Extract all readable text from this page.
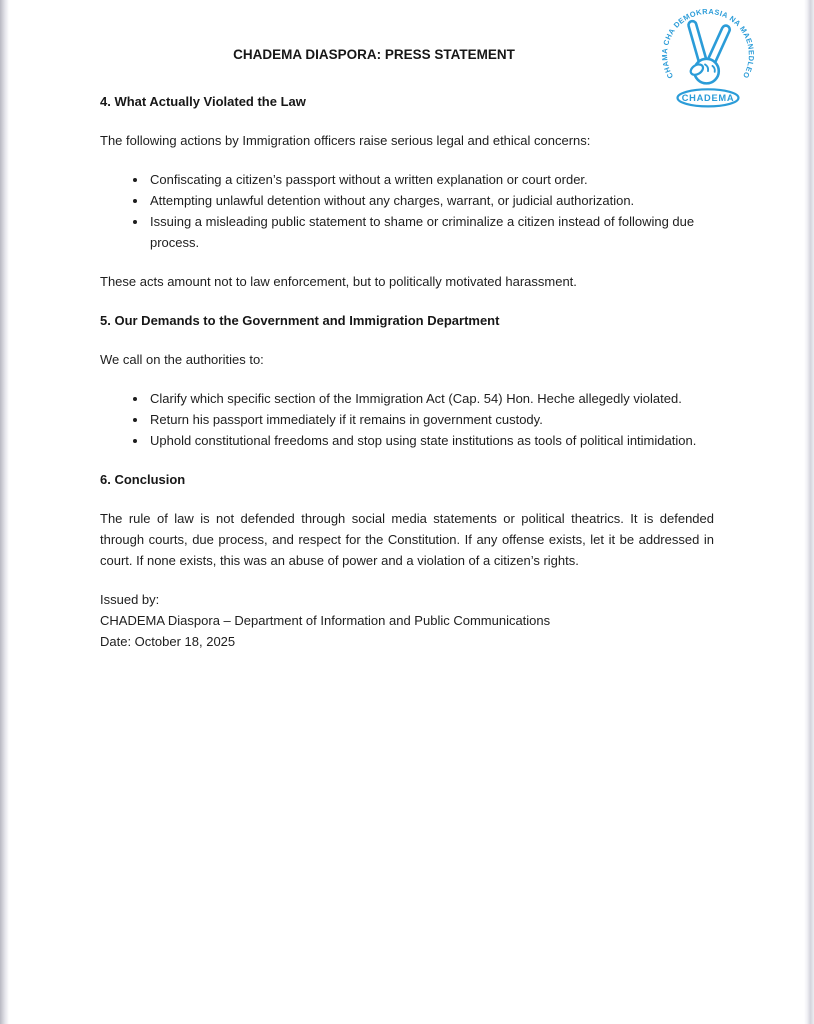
CHAMA CHA DEMOKRASIA NA MAENEDLEO
CHADEMA
CHADEMA DIASPORA: PRESS STATEMENT
4. What Actually Violated the Law

The following actions by Immigration officers raise serious legal and ethical concerns:

• Confiscating a citizen’s passport without a written explanation or court order.
• Attempting unlawful detention without any charges, warrant, or judicial authorization.
• Issuing a misleading public statement to shame or criminalize a citizen instead of following due process.

These acts amount not to law enforcement, but to politically motivated harassment.

5. Our Demands to the Government and Immigration Department

We call on the authorities to:

• Clarify which specific section of the Immigration Act (Cap. 54) Hon. Heche allegedly violated.
• Return his passport immediately if it remains in government custody.
• Uphold constitutional freedoms and stop using state institutions as tools of political intimidation.
6. Conclusion

The rule of law is not defended through social media statements or political theatrics. It is defended through courts, due process, and respect for the Constitution. If any offense exists, let it be addressed in court. If none exists, this was an abuse of power and a violation of a citizen’s rights.

Issued by:
CHADEMA Diaspora – Department of Information and Public Communications
Date: October 18, 2025
